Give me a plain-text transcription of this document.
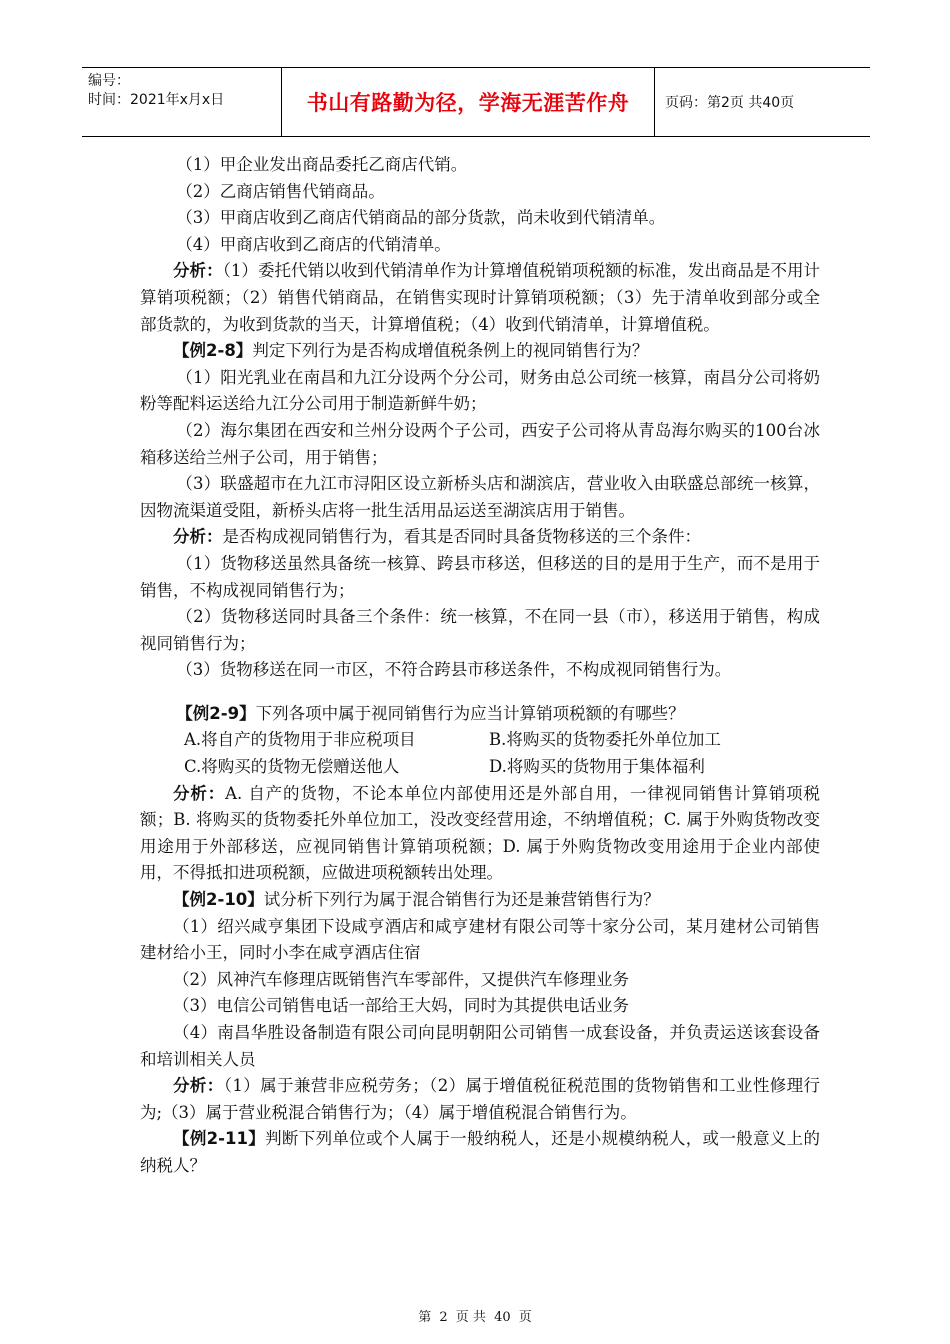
编号：
时间：2021年x月x日	书山有路勤为径，学海无涯苦作舟	页码：第2页 共40页

（1）甲企业发出商品委托乙商店代销。

（2）乙商店销售代销商品。

（3）甲商店收到乙商店代销商品的部分货款，尚未收到代销清单。

（4）甲商店收到乙商店的代销清单。

分析：（1）委托代销以收到代销清单作为计算增值税销项税额的标准，发出商品是不用计算销项税额；（2）销售代销商品，在销售实现时计算销项税额；（3）先于清单收到部分或全部货款的，为收到货款的当天，计算增值税；（4）收到代销清单，计算增值税。

【例2-8】判定下列行为是否构成增值税条例上的视同销售行为？

（1）阳光乳业在南昌和九江分设两个分公司，财务由总公司统一核算，南昌分公司将奶粉等配料运送给九江分公司用于制造新鲜牛奶；

（2）海尔集团在西安和兰州分设两个子公司，西安子公司将从青岛海尔购买的100台冰箱移送给兰州子公司，用于销售；

（3）联盛超市在九江市浔阳区设立新桥头店和湖滨店，营业收入由联盛总部统一核算，因物流渠道受阻，新桥头店将一批生活用品运送至湖滨店用于销售。

分析：是否构成视同销售行为，看其是否同时具备货物移送的三个条件：

（1）货物移送虽然具备统一核算、跨县市移送，但移送的目的是用于生产，而不是用于销售，不构成视同销售行为；

（2）货物移送同时具备三个条件：统一核算，不在同一县（市），移送用于销售，构成视同销售行为；

（3）货物移送在同一市区，不符合跨县市移送条件，不构成视同销售行为。

【例2-9】下列各项中属于视同销售行为应当计算销项税额的有哪些？

A.将自产的货物用于非应税项目	B.将购买的货物委托外单位加工
C.将购买的货物无偿赠送他人	D.将购买的货物用于集体福利

分析：A. 自产的货物，不论本单位内部使用还是外部自用，一律视同销售计算销项税额；B. 将购买的货物委托外单位加工，没改变经营用途，不纳增值税；C. 属于外购货物改变用途用于外部移送，应视同销售计算销项税额；D. 属于外购货物改变用途用于企业内部使用，不得抵扣进项税额，应做进项税额转出处理。

【例2-10】试分析下列行为属于混合销售行为还是兼营销售行为？

（1）绍兴咸亨集团下设咸亨酒店和咸亨建材有限公司等十家分公司，某月建材公司销售建材给小王，同时小李在咸亨酒店住宿

（2）风神汽车修理店既销售汽车零部件，又提供汽车修理业务

（3）电信公司销售电话一部给王大妈，同时为其提供电话业务

（4）南昌华胜设备制造有限公司向昆明朝阳公司销售一成套设备，并负责运送该套设备和培训相关人员

分析：（1）属于兼营非应税劳务；（2）属于增值税征税范围的货物销售和工业性修理行为;（3）属于营业税混合销售行为；（4）属于增值税混合销售行为。

【例2-11】判断下列单位或个人属于一般纳税人，还是小规模纳税人，或一般意义上的纳税人？

第 2 页 共 40 页
